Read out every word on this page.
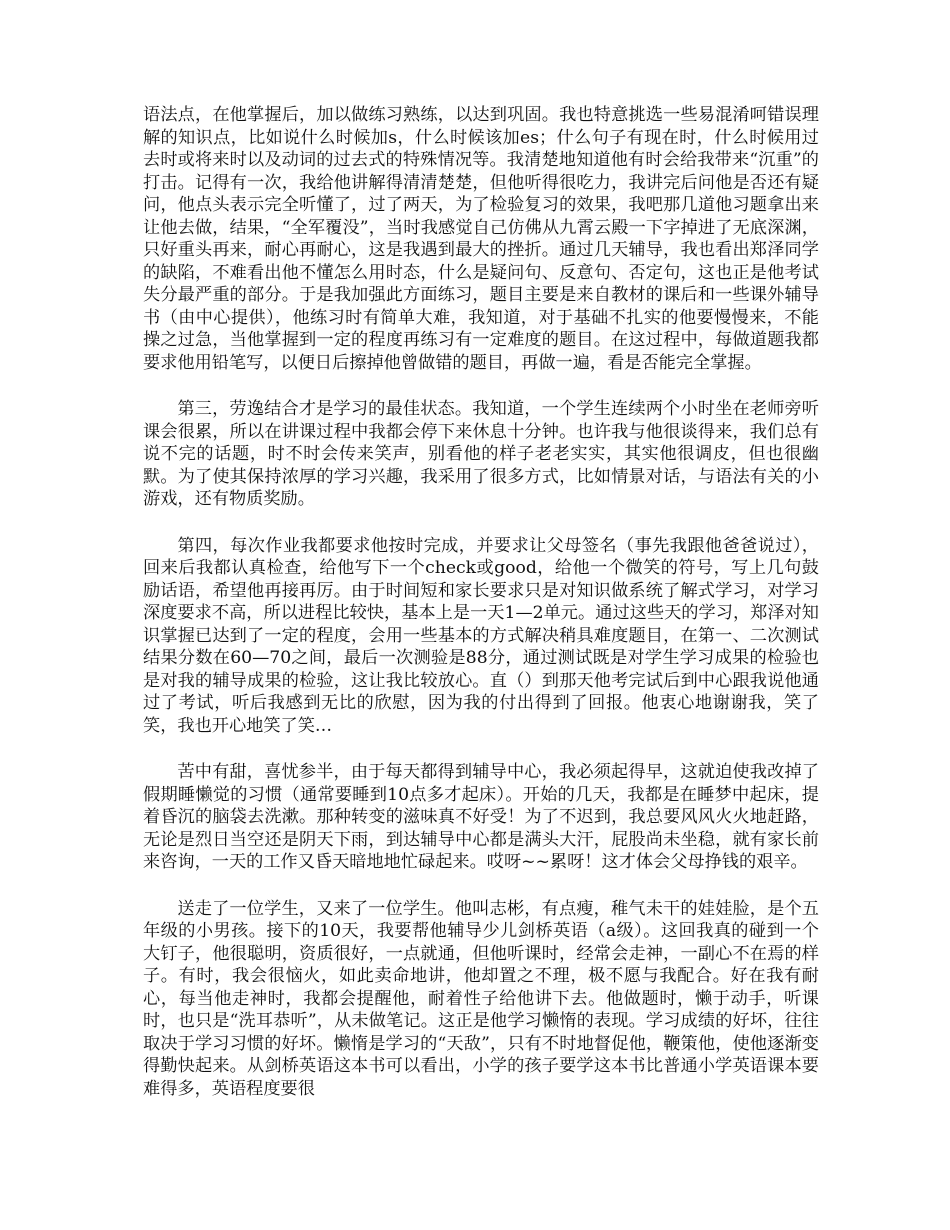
语法点，在他掌握后，加以做练习熟练，以达到巩固。我也特意挑选一些易混淆呵错误理解的知识点，比如说什么时候加s，什么时候该加es；什么句子有现在时，什么时候用过去时或将来时以及动词的过去式的特殊情况等。我清楚地知道他有时会给我带来“沉重”的打击。记得有一次，我给他讲解得清清楚楚，但他听得很吃力，我讲完后问他是否还有疑问，他点头表示完全听懂了，过了两天，为了检验复习的效果，我吧那几道他习题拿出来让他去做，结果，“全军覆没”，当时我感觉自己仿佛从九霄云殿一下字掉进了无底深渊，只好重头再来，耐心再耐心，这是我遇到最大的挫折。通过几天辅导，我也看出郑泽同学的缺陷，不难看出他不懂怎么用时态，什么是疑问句、反意句、否定句，这也正是他考试失分最严重的部分。于是我加强此方面练习，题目主要是来自教材的课后和一些课外辅导书（由中心提供），他练习时有简单大难，我知道，对于基础不扎实的他要慢慢来，不能操之过急，当他掌握到一定的程度再练习有一定难度的题目。在这过程中，每做道题我都要求他用铅笔写，以便日后擦掉他曾做错的题目，再做一遍，看是否能完全掌握。

第三，劳逸结合才是学习的最佳状态。我知道，一个学生连续两个小时坐在老师旁听课会很累，所以在讲课过程中我都会停下来休息十分钟。也许我与他很谈得来，我们总有说不完的话题，时不时会传来笑声，别看他的样子老老实实，其实他很调皮，但也很幽默。为了使其保持浓厚的学习兴趣，我采用了很多方式，比如情景对话，与语法有关的小游戏，还有物质奖励。

第四，每次作业我都要求他按时完成，并要求让父母签名（事先我跟他爸爸说过），回来后我都认真检查，给他写下一个check或good，给他一个微笑的符号，写上几句鼓励话语，希望他再接再厉。由于时间短和家长要求只是对知识做系统了解式学习，对学习深度要求不高，所以进程比较快，基本上是一天1—2单元。通过这些天的学习，郑泽对知识掌握已达到了一定的程度，会用一些基本的方式解决稍具难度题目，在第一、二次测试结果分数在60—70之间，最后一次测验是88分，通过测试既是对学生学习成果的检验也是对我的辅导成果的检验，这让我比较放心。直（）到那天他考完试后到中心跟我说他通过了考试，听后我感到无比的欣慰，因为我的付出得到了回报。他衷心地谢谢我，笑了笑，我也开心地笑了笑…

苦中有甜，喜忧参半，由于每天都得到辅导中心，我必须起得早，这就迫使我改掉了假期睡懒觉的习惯（通常要睡到10点多才起床）。开始的几天，我都是在睡梦中起床，提着昏沉的脑袋去洗漱。那种转变的滋味真不好受！为了不迟到，我总要风风火火地赶路，无论是烈日当空还是阴天下雨，到达辅导中心都是满头大汗，屁股尚未坐稳，就有家长前来咨询，一天的工作又昏天暗地地忙碌起来。哎呀~~累呀！这才体会父母挣钱的艰辛。

送走了一位学生，又来了一位学生。他叫志彬，有点瘦，稚气未干的娃娃脸，是个五年级的小男孩。接下的10天，我要帮他辅导少儿剑桥英语（a级）。这回我真的碰到一个大钉子，他很聪明，资质很好，一点就通，但他听课时，经常会走神，一副心不在焉的样子。有时，我会很恼火，如此卖命地讲，他却置之不理，极不愿与我配合。好在我有耐心，每当他走神时，我都会提醒他，耐着性子给他讲下去。他做题时，懒于动手，听课时，也只是“洗耳恭听”，从未做笔记。这正是他学习懒惰的表现。学习成绩的好坏，往往取决于学习习惯的好坏。懒惰是学习的“天敌”，只有不时地督促他，鞭策他，使他逐渐变得勤快起来。从剑桥英语这本书可以看出，小学的孩子要学这本书比普通小学英语课本要难得多，英语程度要很
